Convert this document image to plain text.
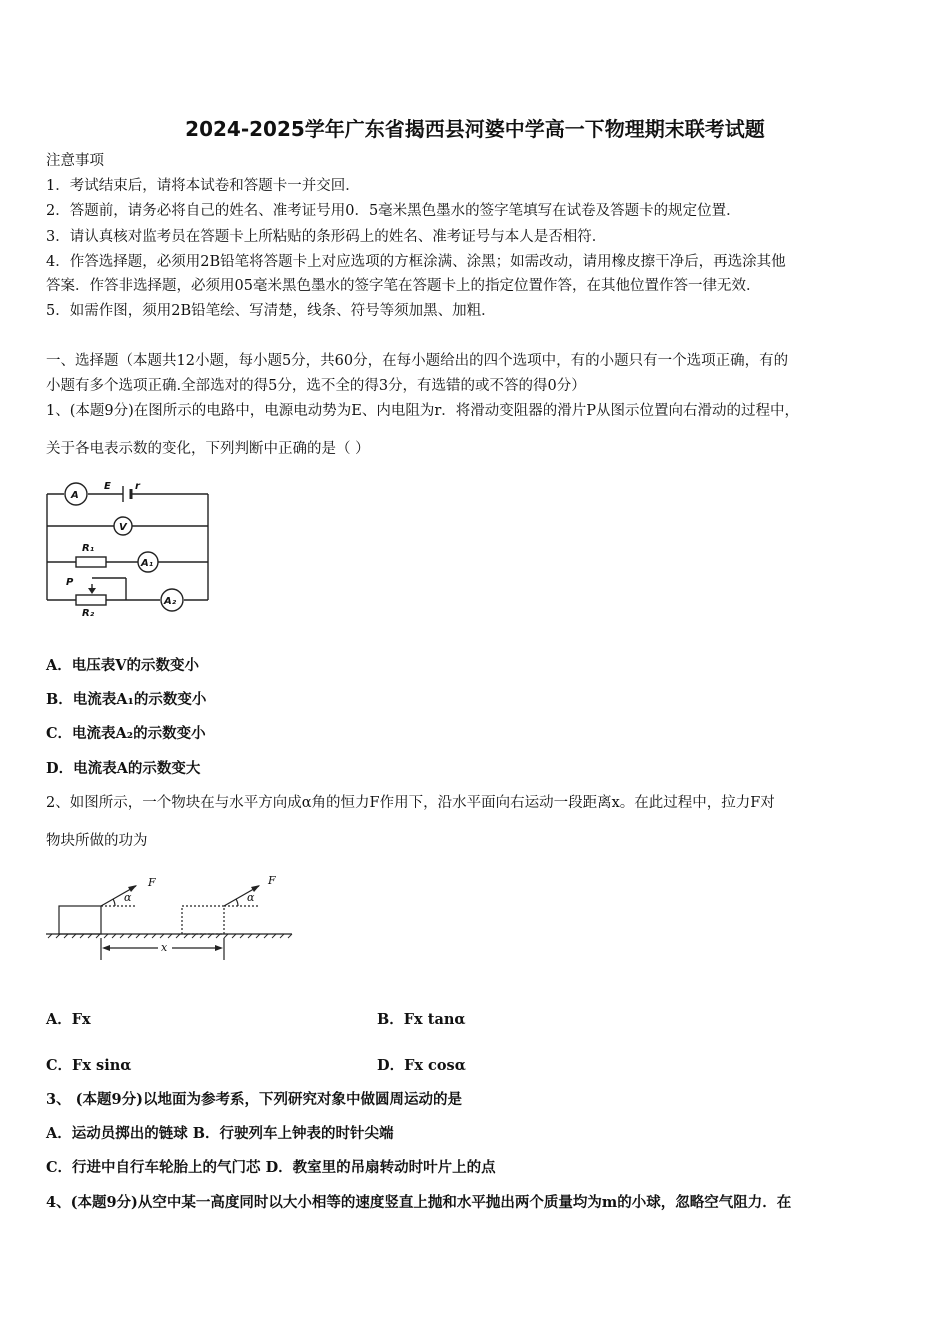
2024-2025学年广东省揭西县河婆中学高一下物理期末联考试题
注意事项
1．考试结束后，请将本试卷和答题卡一并交回．
2．答题前，请务必将自己的姓名、准考证号用0．5毫米黑色墨水的签字笔填写在试卷及答题卡的规定位置．
3．请认真核对监考员在答题卡上所粘贴的条形码上的姓名、准考证号与本人是否相符．
4．作答选择题，必须用2B铅笔将答题卡上对应选项的方框涂满、涂黑；如需改动，请用橡皮擦干净后，再选涂其他
答案．作答非选择题，必须用05毫米黑色墨水的签字笔在答题卡上的指定位置作答，在其他位置作答一律无效．
5．如需作图，须用2B铅笔绘、写清楚，线条、符号等须加黑、加粗．
一、选择题（本题共12小题，每小题5分，共60分，在每小题给出的四个选项中，有的小题只有一个选项正确，有的
小题有多个选项正确.全部选对的得5分，选不全的得3分，有选错的或不答的得0分）
1、(本题9分)在图所示的电路中，电源电动势为E、内电阻为r．将滑动变阻器的滑片P从图示位置向右滑动的过程中，
关于各电表示数的变化，下列判断中正确的是（ ）
A
E r
V
R₁
A₁
P
R₂
A₂
A．电压表V的示数变小
B．电流表A₁的示数变小
C．电流表A₂的示数变小
D．电流表A的示数变大
2、如图所示，一个物块在与水平方向成α角的恒力F作用下，沿水平面向右运动一段距离x。在此过程中，拉力F对
物块所做的功为
F
α
F
α
x
A．Fx	B．Fx tanα
C．Fx sinα	D．Fx cosα
3、 (本题9分)以地面为参考系，下列研究对象中做圆周运动的是
A．运动员掷出的链球 B．行驶列车上钟表的时针尖端
C．行进中自行车轮胎上的气门芯 D．教室里的吊扇转动时叶片上的点
4、(本题9分)从空中某一高度同时以大小相等的速度竖直上抛和水平抛出两个质量均为m的小球，忽略空气阻力．在
